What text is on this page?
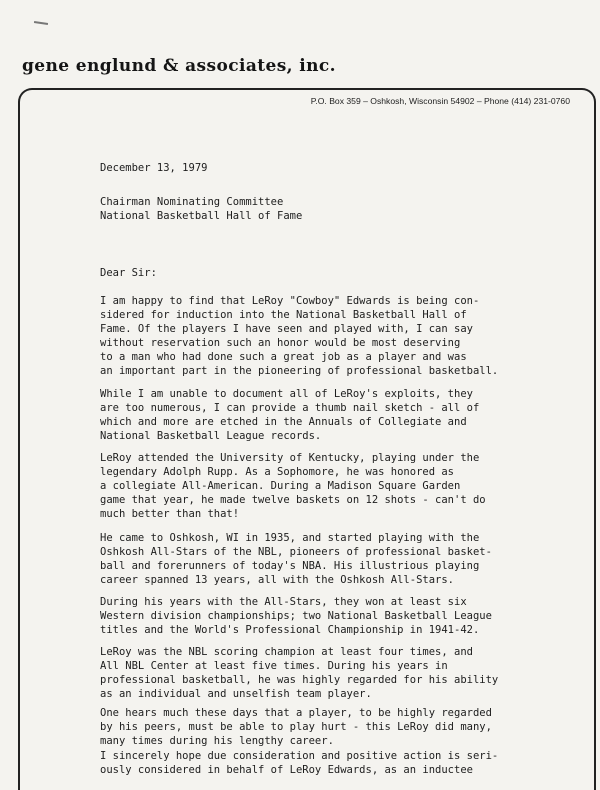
gene englund & associates, inc.
P.O. Box 359 – Oshkosh, Wisconsin 54902 – Phone (414) 231-0760
December 13, 1979
Chairman Nominating Committee
National Basketball Hall of Fame
Dear Sir:
I am happy to find that LeRoy "Cowboy" Edwards is being con-
sidered for induction into the National Basketball Hall of
Fame. Of the players I have seen and played with, I can say
without reservation such an honor would be most deserving
to a man who had done such a great job as a player and was
an important part in the pioneering of professional basketball.
While I am unable to document all of LeRoy's exploits, they
are too numerous, I can provide a thumb nail sketch - all of
which and more are etched in the Annuals of Collegiate and
National Basketball League records.
LeRoy attended the University of Kentucky, playing under the
legendary Adolph Rupp. As a Sophomore, he was honored as
a collegiate All-American. During a Madison Square Garden
game that year, he made twelve baskets on 12 shots - can't do
much better than that!
He came to Oshkosh, WI in 1935, and started playing with the
Oshkosh All-Stars of the NBL, pioneers of professional basket-
ball and forerunners of today's NBA. His illustrious playing
career spanned 13 years, all with the Oshkosh All-Stars.
During his years with the All-Stars, they won at least six
Western division championships; two National Basketball League
titles and the World's Professional Championship in 1941-42.
LeRoy was the NBL scoring champion at least four times, and
All NBL Center at least five times. During his years in
professional basketball, he was highly regarded for his ability
as an individual and unselfish team player.
One hears much these days that a player, to be highly regarded
by his peers, must be able to play hurt - this LeRoy did many,
many times during his lengthy career.
I sincerely hope due consideration and positive action is seri-
ously considered in behalf of LeRoy Edwards, as an inductee
